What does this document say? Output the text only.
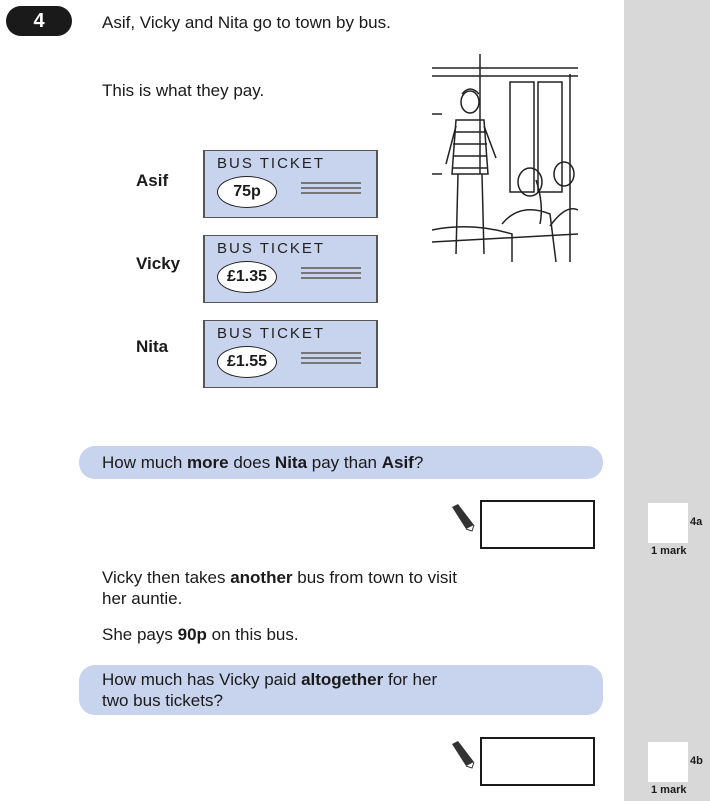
4	Asif, Vicky and Nita go to town by bus.
This is what they pay.
Asif
BUS TICKET
75p
Vicky
BUS TICKET
£1.35
Nita
BUS TICKET
£1.55
How much more does Nita pay than Asif?
4a
1 mark
Vicky then takes another bus from town to visit
her auntie.
She pays 90p on this bus.
How much has Vicky paid altogether for her
two bus tickets?
4b
1 mark
